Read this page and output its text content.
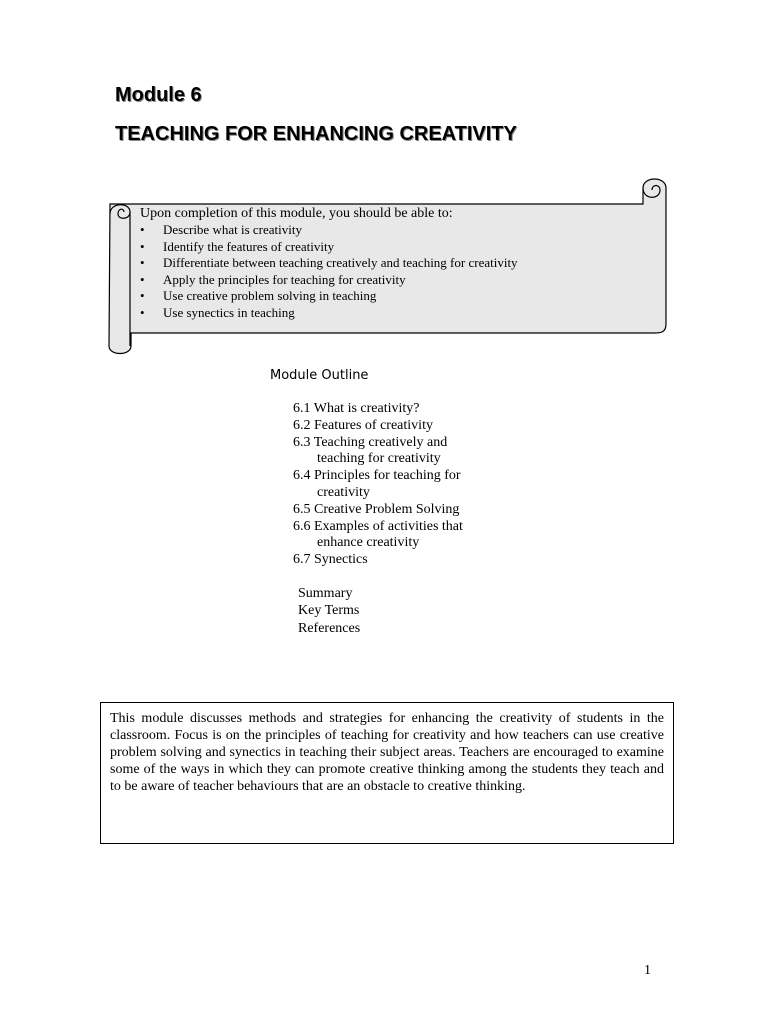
Module 6
TEACHING FOR ENHANCING CREATIVITY
Upon completion of this module, you should be able to:
• Describe what is creativity
• Identify the features of creativity
• Differentiate between teaching creatively and teaching for creativity
• Apply the principles for teaching for creativity
• Use creative problem solving in teaching
• Use synectics in teaching
Module Outline
6.1 What is creativity?
6.2 Features of creativity
6.3 Teaching creatively and
teaching for creativity
6.4 Principles for teaching for
creativity
6.5 Creative Problem Solving
6.6 Examples of activities that
enhance creativity
6.7 Synectics
Summary
Key Terms
References
This module discusses methods and strategies for enhancing the creativity of students in the classroom. Focus is on the principles of teaching for creativity and how teachers can use creative problem solving and synectics in teaching their subject areas. Teachers are encouraged to examine some of the ways in which they can promote creative thinking among the students they teach and to be aware of teacher behaviours that are an obstacle to creative thinking.
1
